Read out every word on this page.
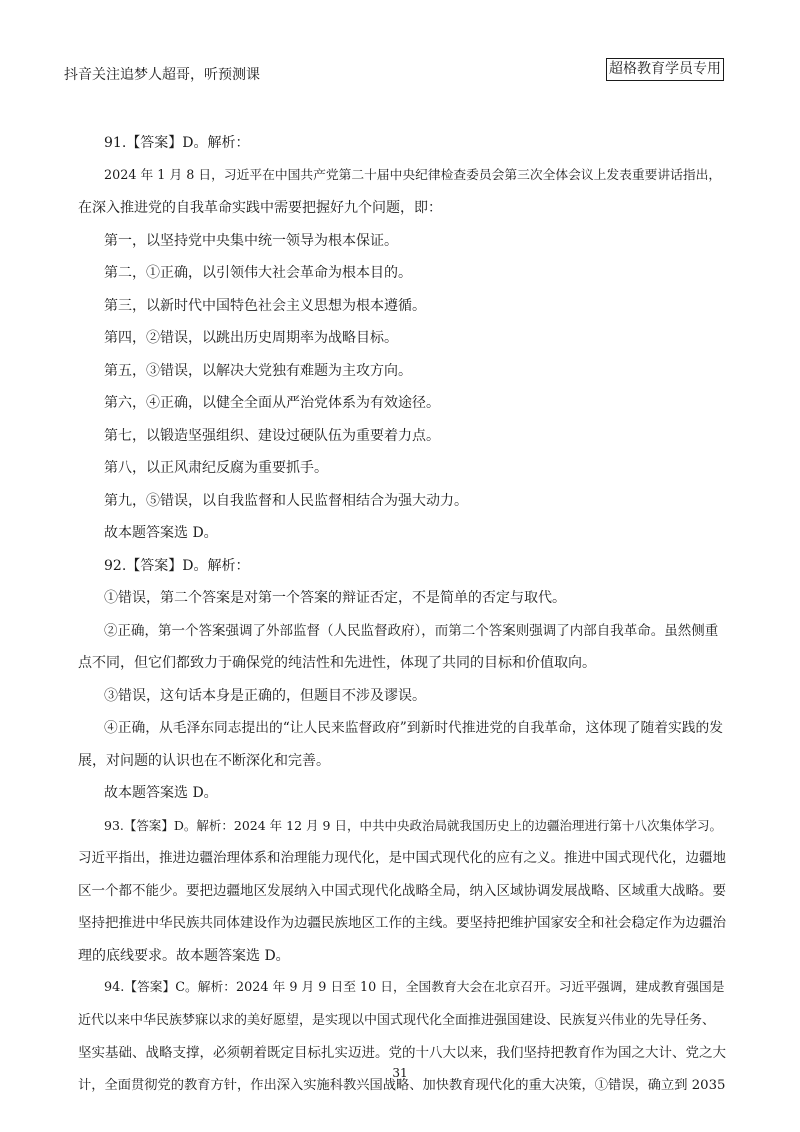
抖音关注追梦人超哥，听预测课	超格教育学员专用
91.【答案】D。解析：
2024 年 1 月 8 日，习近平在中国共产党第二十届中央纪律检查委员会第三次全体会议上发表重要讲话指出，
在深入推进党的自我革命实践中需要把握好九个问题，即：
第一，以坚持党中央集中统一领导为根本保证。
第二，①正确，以引领伟大社会革命为根本目的。
第三，以新时代中国特色社会主义思想为根本遵循。
第四，②错误，以跳出历史周期率为战略目标。
第五，③错误，以解决大党独有难题为主攻方向。
第六，④正确，以健全全面从严治党体系为有效途径。
第七，以锻造坚强组织、建设过硬队伍为重要着力点。
第八，以正风肃纪反腐为重要抓手。
第九，⑤错误，以自我监督和人民监督相结合为强大动力。
故本题答案选 D。
92.【答案】D。解析：
①错误，第二个答案是对第一个答案的辩证否定，不是简单的否定与取代。
②正确，第一个答案强调了外部监督（人民监督政府），而第二个答案则强调了内部自我革命。虽然侧重
点不同，但它们都致力于确保党的纯洁性和先进性，体现了共同的目标和价值取向。
③错误，这句话本身是正确的，但题目不涉及谬误。
④正确，从毛泽东同志提出的“让人民来监督政府”到新时代推进党的自我革命，这体现了随着实践的发
展，对问题的认识也在不断深化和完善。
故本题答案选 D。
93.【答案】D。解析：2024 年 12 月 9 日，中共中央政治局就我国历史上的边疆治理进行第十八次集体学习。
习近平指出，推进边疆治理体系和治理能力现代化，是中国式现代化的应有之义。推进中国式现代化，边疆地
区一个都不能少。要把边疆地区发展纳入中国式现代化战略全局，纳入区域协调发展战略、区域重大战略。要
坚持把推进中华民族共同体建设作为边疆民族地区工作的主线。要坚持把维护国家安全和社会稳定作为边疆治
理的底线要求。故本题答案选 D。
94.【答案】C。解析：2024 年 9 月 9 日至 10 日，全国教育大会在北京召开。习近平强调，建成教育强国是
近代以来中华民族梦寐以求的美好愿望，是实现以中国式现代化全面推进强国建设、民族复兴伟业的先导任务、
坚实基础、战略支撑，必须朝着既定目标扎实迈进。党的十八大以来，我们坚持把教育作为国之大计、党之大
计，全面贯彻党的教育方针，作出深入实施科教兴国战略、加快教育现代化的重大决策，①错误，确立到 2035
31
